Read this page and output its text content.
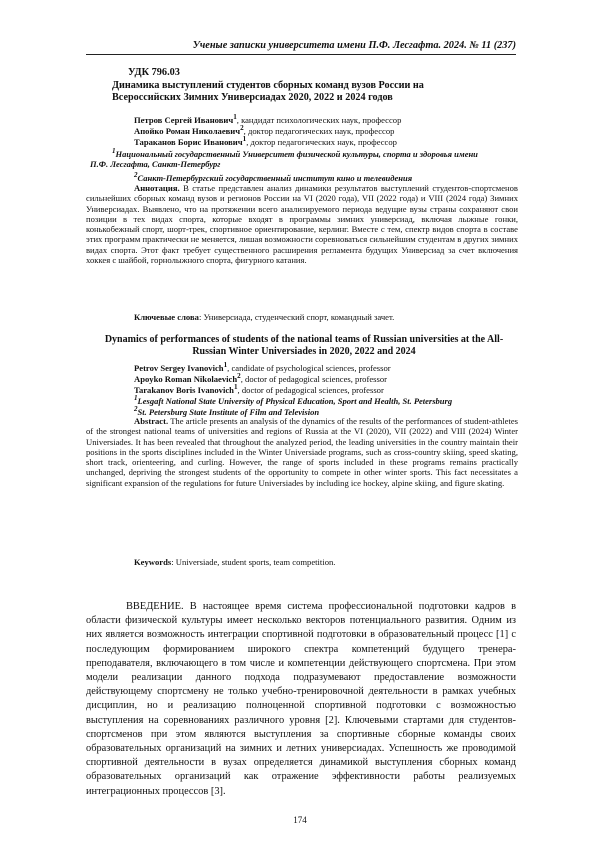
Ученые записки университета имени П.Ф. Лесгафта. 2024. № 11 (237)
УДК 796.03
Динамика выступлений студентов сборных команд вузов России на Всероссийских Зимних Универсиадах 2020, 2022 и 2024 годов
Петров Сергей Иванович1, кандидат психологических наук, профессор
Апойко Роман Николаевич2, доктор педагогических наук, профессор
Тараканов Борис Иванович1, доктор педагогических наук, профессор
1Национальный государственный Университет физической культуры, спорта и здоровья имени П.Ф. Лесгафта, Санкт-Петербург
2Санкт-Петербургский государственный институт кино и телевидения
Аннотация. В статье представлен анализ динамики результатов выступлений студентов-спортсменов сильнейших сборных команд вузов и регионов России на VI (2020 года), VII (2022 года) и VIII (2024 года) Зимних Универсиадах. Выявлено, что на протяжении всего анализируемого периода ведущие вузы страны сохраняют свои позиции в тех видах спорта, которые входят в программы зимних универсиад, включая лыжные гонки, конькобежный спорт, шорт-трек, спортивное ориентирование, керлинг. Вместе с тем, спектр видов спорта в составе этих программ практически не меняется, лишая возможности соревноваться сильнейшим студентам в других зимних видах спорта. Этот факт требует существенного расширения регламента будущих Универсиад за счет включения хоккея с шайбой, горнолыжного спорта, фигурного катания.
Ключевые слова: Универсиада, студенческий спорт, командный зачет.
Dynamics of performances of students of the national teams of Russian universities at the All-Russian Winter Universiades in 2020, 2022 and 2024
Petrov Sergey Ivanovich1, candidate of psychological sciences, professor
Apoyko Roman Nikolaevich2, doctor of pedagogical sciences, professor
Tarakanov Boris Ivanovich1, doctor of pedagogical sciences, professor
1Lesgaft National State University of Physical Education, Sport and Health, St. Petersburg
2St. Petersburg State Institute of Film and Television
Abstract. The article presents an analysis of the dynamics of the results of the performances of student-athletes of the strongest national teams of universities and regions of Russia at the VI (2020), VII (2022) and VIII (2024) Winter Universiades. It has been revealed that throughout the analyzed period, the leading universities in the country maintain their positions in the sports disciplines included in the Winter Universiade programs, such as cross-country skiing, speed skating, short track, orienteering, and curling. However, the range of sports included in these programs remains practically unchanged, depriving the strongest students of the opportunity to compete in other winter sports. This fact necessitates a significant expansion of the regulations for future Universiades by including ice hockey, alpine skiing, and figure skating.
Keywords: Universiade, student sports, team competition.
ВВЕДЕНИЕ. В настоящее время система профессиональной подготовки кадров в области физической культуры имеет несколько векторов потенциального развития. Одним из них является возможность интеграции спортивной подготовки в образовательный процесс [1] с последующим формированием широкого спектра компетенций будущего тренера-преподавателя, включающего в том числе и компетенции действующего спортсмена. При этом модели реализации данного подхода подразумевают предоставление возможности действующему спортсмену не только учебно-тренировочной деятельности в рамках учебных дисциплин, но и реализацию полноценной спортивной подготовки с возможностью выступления на соревнованиях различного уровня [2]. Ключевыми стартами для студентов-спортсменов при этом являются выступления за спортивные сборные команды своих образовательных организаций на зимних и летних универсиадах. Успешность же проводимой спортивной деятельности в вузах определяется динамикой выступления сборных команд образовательных организаций как отражение эффективности работы реализуемых интеграционных процессов [3].
174
